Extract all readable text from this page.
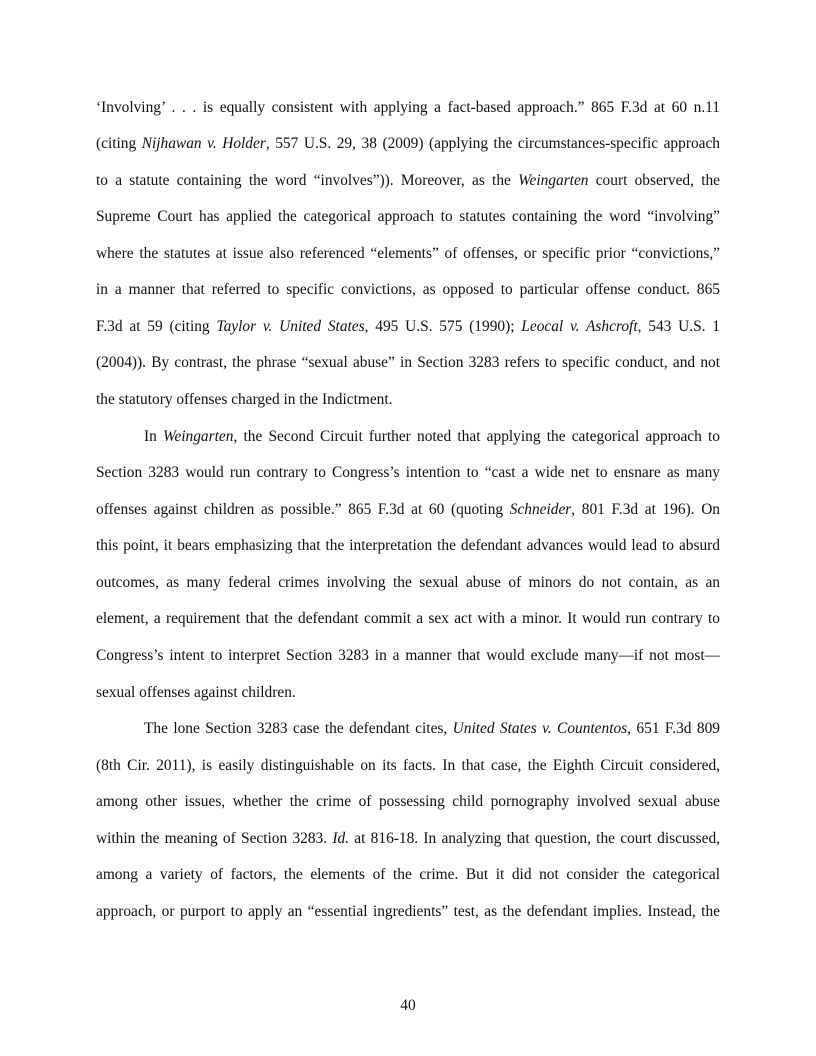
‘Involving’ . . . is equally consistent with applying a fact-based approach.” 865 F.3d at 60 n.11
(citing Nijhawan v. Holder, 557 U.S. 29, 38 (2009) (applying the circumstances-specific approach
to a statute containing the word “involves”)). Moreover, as the Weingarten court observed, the
Supreme Court has applied the categorical approach to statutes containing the word “involving”
where the statutes at issue also referenced “elements” of offenses, or specific prior “convictions,”
in a manner that referred to specific convictions, as opposed to particular offense conduct. 865
F.3d at 59 (citing Taylor v. United States, 495 U.S. 575 (1990); Leocal v. Ashcroft, 543 U.S. 1
(2004)). By contrast, the phrase “sexual abuse” in Section 3283 refers to specific conduct, and not
the statutory offenses charged in the Indictment.
In Weingarten, the Second Circuit further noted that applying the categorical approach to
Section 3283 would run contrary to Congress’s intention to “cast a wide net to ensnare as many
offenses against children as possible.” 865 F.3d at 60 (quoting Schneider, 801 F.3d at 196). On
this point, it bears emphasizing that the interpretation the defendant advances would lead to absurd
outcomes, as many federal crimes involving the sexual abuse of minors do not contain, as an
element, a requirement that the defendant commit a sex act with a minor. It would run contrary to
Congress’s intent to interpret Section 3283 in a manner that would exclude many—if not most—
sexual offenses against children.
The lone Section 3283 case the defendant cites, United States v. Countentos, 651 F.3d 809
(8th Cir. 2011), is easily distinguishable on its facts. In that case, the Eighth Circuit considered,
among other issues, whether the crime of possessing child pornography involved sexual abuse
within the meaning of Section 3283. Id. at 816-18. In analyzing that question, the court discussed,
among a variety of factors, the elements of the crime. But it did not consider the categorical
approach, or purport to apply an “essential ingredients” test, as the defendant implies. Instead, the
40
